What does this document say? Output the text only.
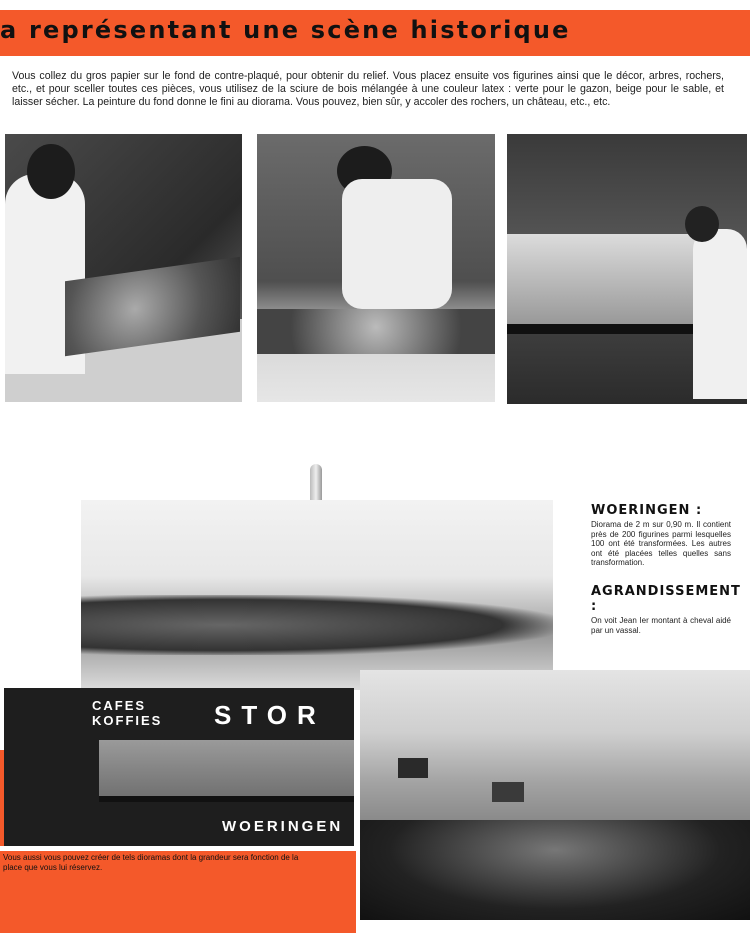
a représentant une scène historique
Vous collez du gros papier sur le fond de contre-plaqué, pour obtenir du relief. Vous placez ensuite vos figurines ainsi que le décor, arbres, rochers, etc., et pour sceller toutes ces pièces, vous utilisez de la sciure de bois mélangée à une couleur latex : verte pour le gazon, beige pour le sable, et laisser sécher. La peinture du fond donne le fini au diorama. Vous pouvez, bien sûr, y accoler des rochers, un château, etc., etc.
WOERINGEN :

Diorama de 2 m sur 0,90 m. Il contient près de 200 figurines parmi lesquelles 100 ont été transformées. Les autres ont été placées telles quelles sans transformation.

AGRANDISSEMENT :

On voit Jean Ier montant à cheval aidé par un vassal.

CAFES
KOFFIES STOR
WOERINGEN

Vous aussi vous pouvez créer de tels dioramas dont la grandeur sera fonction de la place que vous lui réservez.
